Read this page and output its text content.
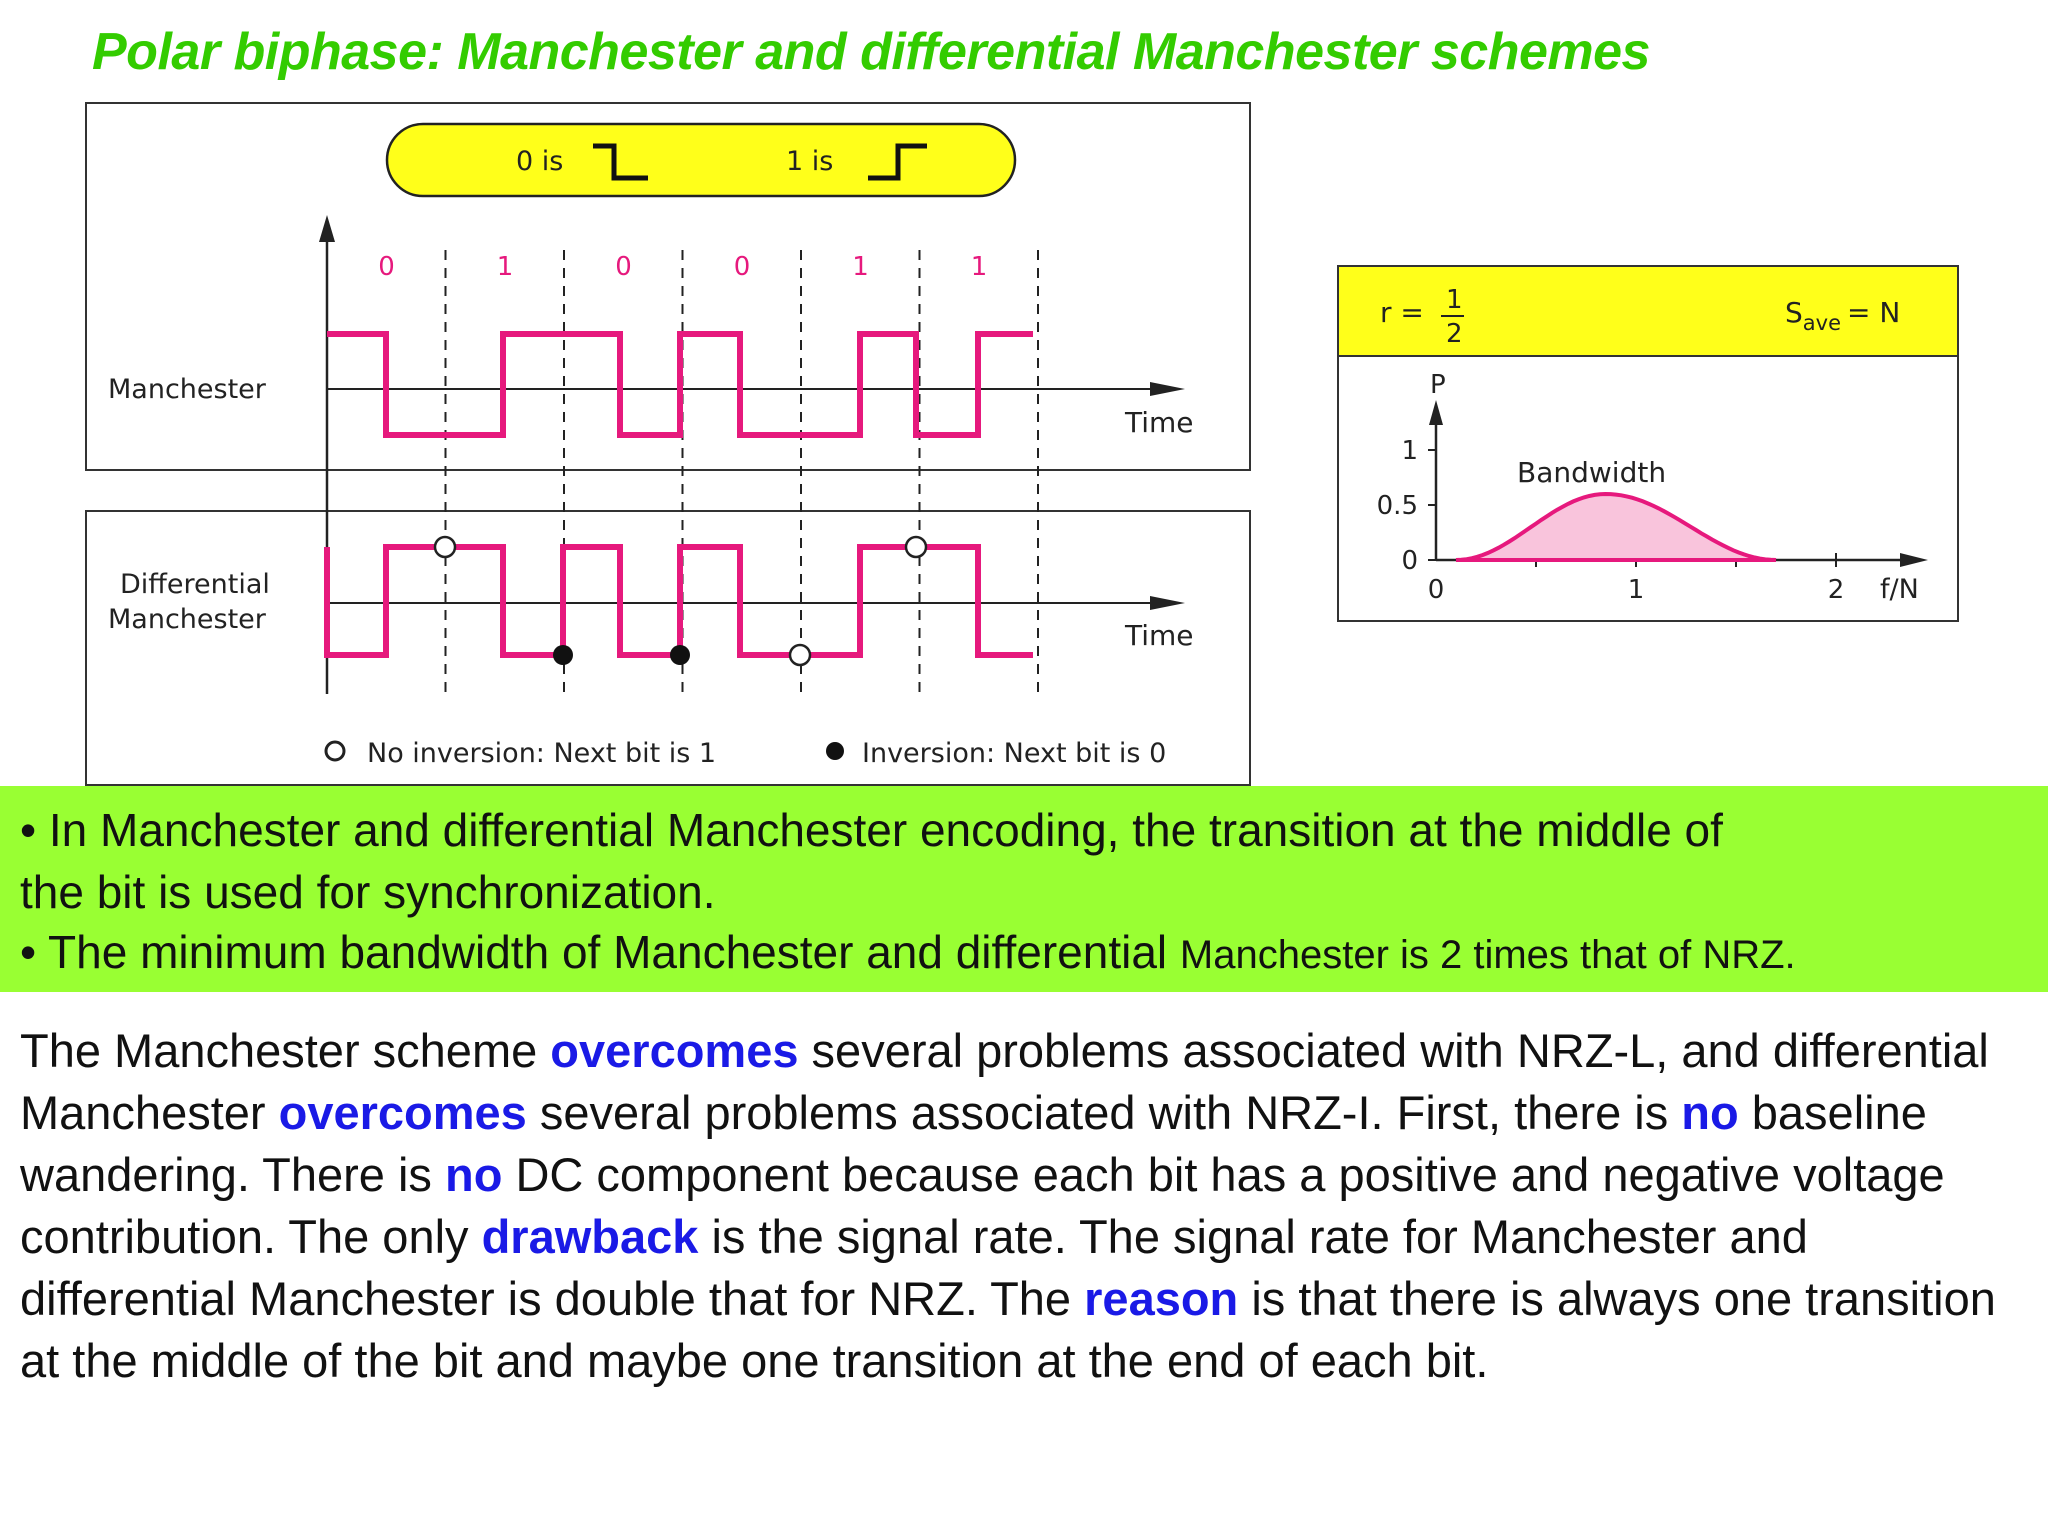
Polar biphase: Manchester and differential Manchester schemes
0 is	1 is
0	1	0	0	1	1
Manchester
Time
Differential
Manchester	Time
No inversion: Next bit is 1	Inversion: Next bit is 0
r = 1
2
$S_{ave} = N$
P
1
0.5
0
0	1	2
Bandwidth
f/N
• In Manchester and differential Manchester encoding, the transition at the middle of
the bit is used for synchronization.
• The minimum bandwidth of Manchester and differential Manchester is 2 times that of NRZ.
The Manchester scheme overcomes several problems associated with NRZ-L, and differential Manchester overcomes several problems associated with NRZ-I. First, there is no baseline wandering. There is no DC component because each bit has a positive and negative voltage contribution. The only drawback is the signal rate. The signal rate for Manchester and differential Manchester is double that for NRZ. The reason is that there is always one transition at the middle of the bit and maybe one transition at the end of each bit.
